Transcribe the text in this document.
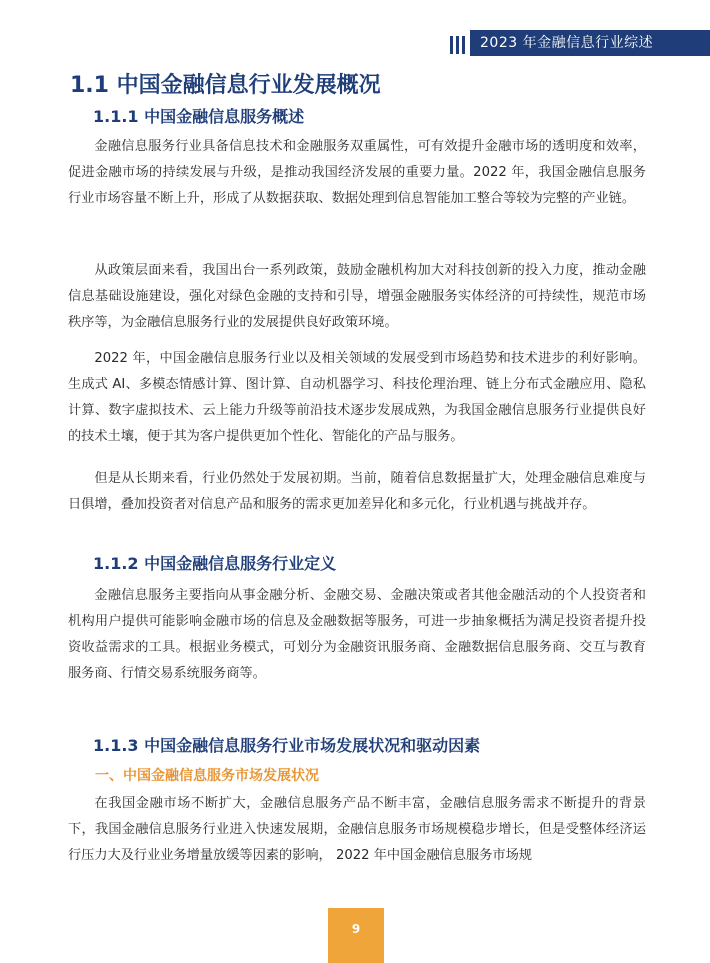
2023 年金融信息行业综述
1.1 中国金融信息行业发展概况
1.1.1 中国金融信息服务概述

金融信息服务行业具备信息技术和金融服务双重属性，可有效提升金融市场的透明度和效率，促进金融市场的持续发展与升级，是推动我国经济发展的重要力量。2022 年，我国金融信息服务行业市场容量不断上升，形成了从数据获取、数据处理到信息智能加工整合等较为完整的产业链。

从政策层面来看，我国出台一系列政策，鼓励金融机构加大对科技创新的投入力度，推动金融信息基础设施建设，强化对绿色金融的支持和引导，增强金融服务实体经济的可持续性，规范市场秩序等，为金融信息服务行业的发展提供良好政策环境。

2022 年，中国金融信息服务行业以及相关领域的发展受到市场趋势和技术进步的利好影响。生成式 AI、多模态情感计算、图计算、自动机器学习、科技伦理治理、链上分布式金融应用、隐私计算、数字虚拟技术、云上能力升级等前沿技术逐步发展成熟，为我国金融信息服务行业提供良好的技术土壤，便于其为客户提供更加个性化、智能化的产品与服务。

但是从长期来看，行业仍然处于发展初期。当前，随着信息数据量扩大，处理金融信息难度与日俱增，叠加投资者对信息产品和服务的需求更加差异化和多元化，行业机遇与挑战并存。

1.1.2 中国金融信息服务行业定义

金融信息服务主要指向从事金融分析、金融交易、金融决策或者其他金融活动的个人投资者和机构用户提供可能影响金融市场的信息及金融数据等服务，可进一步抽象概括为满足投资者提升投资收益需求的工具。根据业务模式，可划分为金融资讯服务商、金融数据信息服务商、交互与教育服务商、行情交易系统服务商等。

1.1.3 中国金融信息服务行业市场发展状况和驱动因素
一、中国金融信息服务市场发展状况

在我国金融市场不断扩大，金融信息服务产品不断丰富，金融信息服务需求不断提升的背景下，我国金融信息服务行业进入快速发展期，金融信息服务市场规模稳步增长，但是受整体经济运行压力大及行业业务增量放缓等因素的影响， 2022 年中国金融信息服务市场规

9
